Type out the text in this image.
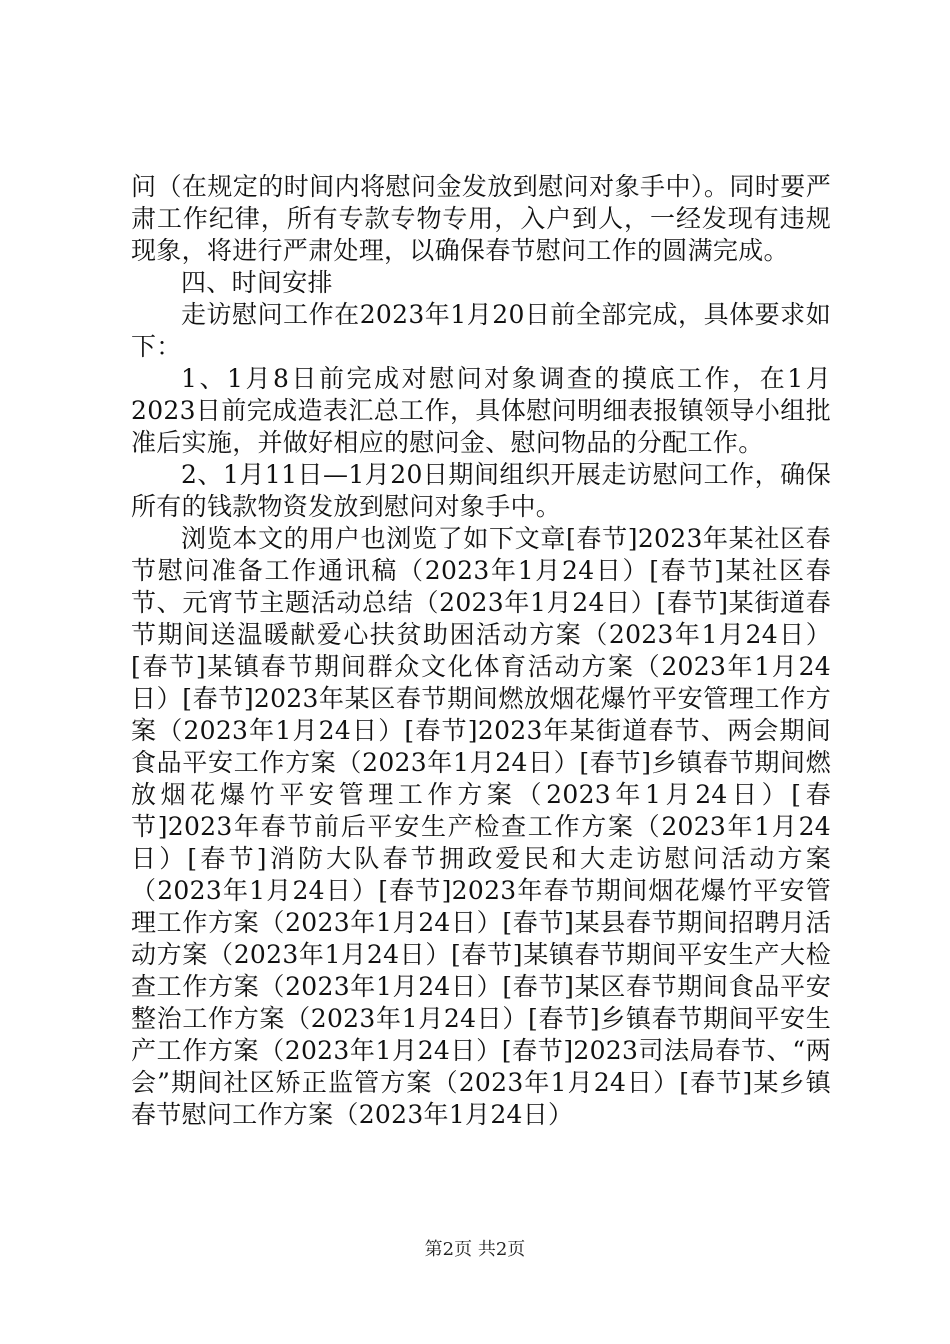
问（在规定的时间内将慰问金发放到慰问对象手中）。同时要严肃工作纪律，所有专款专物专用，入户到人，一经发现有违规现象，将进行严肃处理，以确保春节慰问工作的圆满完成。

四、时间安排

走访慰问工作在2023年1月20日前全部完成，具体要求如下：

1、1月8日前完成对慰问对象调查的摸底工作，在1月2023日前完成造表汇总工作，具体慰问明细表报镇领导小组批准后实施，并做好相应的慰问金、慰问物品的分配工作。

2、1月11日—1月20日期间组织开展走访慰问工作，确保所有的钱款物资发放到慰问对象手中。

浏览本文的用户也浏览了如下文章[春节]2023年某社区春节慰问准备工作通讯稿（2023年1月24日）[春节]某社区春节、元宵节主题活动总结（2023年1月24日）[春节]某街道春节期间送温暖献爱心扶贫助困活动方案（2023年1月24日）[春节]某镇春节期间群众文化体育活动方案（2023年1月24日）[春节]2023年某区春节期间燃放烟花爆竹平安管理工作方案（2023年1月24日）[春节]2023年某街道春节、两会期间食品平安工作方案（2023年1月24日）[春节]乡镇春节期间燃放烟花爆竹平安管理工作方案（2023年1月24日）[春节]2023年春节前后平安生产检查工作方案（2023年1月24日）[春节]消防大队春节拥政爱民和大走访慰问活动方案（2023年1月24日）[春节]2023年春节期间烟花爆竹平安管理工作方案（2023年1月24日）[春节]某县春节期间招聘月活动方案（2023年1月24日）[春节]某镇春节期间平安生产大检查工作方案（2023年1月24日）[春节]某区春节期间食品平安整治工作方案（2023年1月24日）[春节]乡镇春节期间平安生产工作方案（2023年1月24日）[春节]2023司法局春节、“两会”期间社区矫正监管方案（2023年1月24日）[春节]某乡镇春节慰问工作方案（2023年1月24日）

第2页 共2页
